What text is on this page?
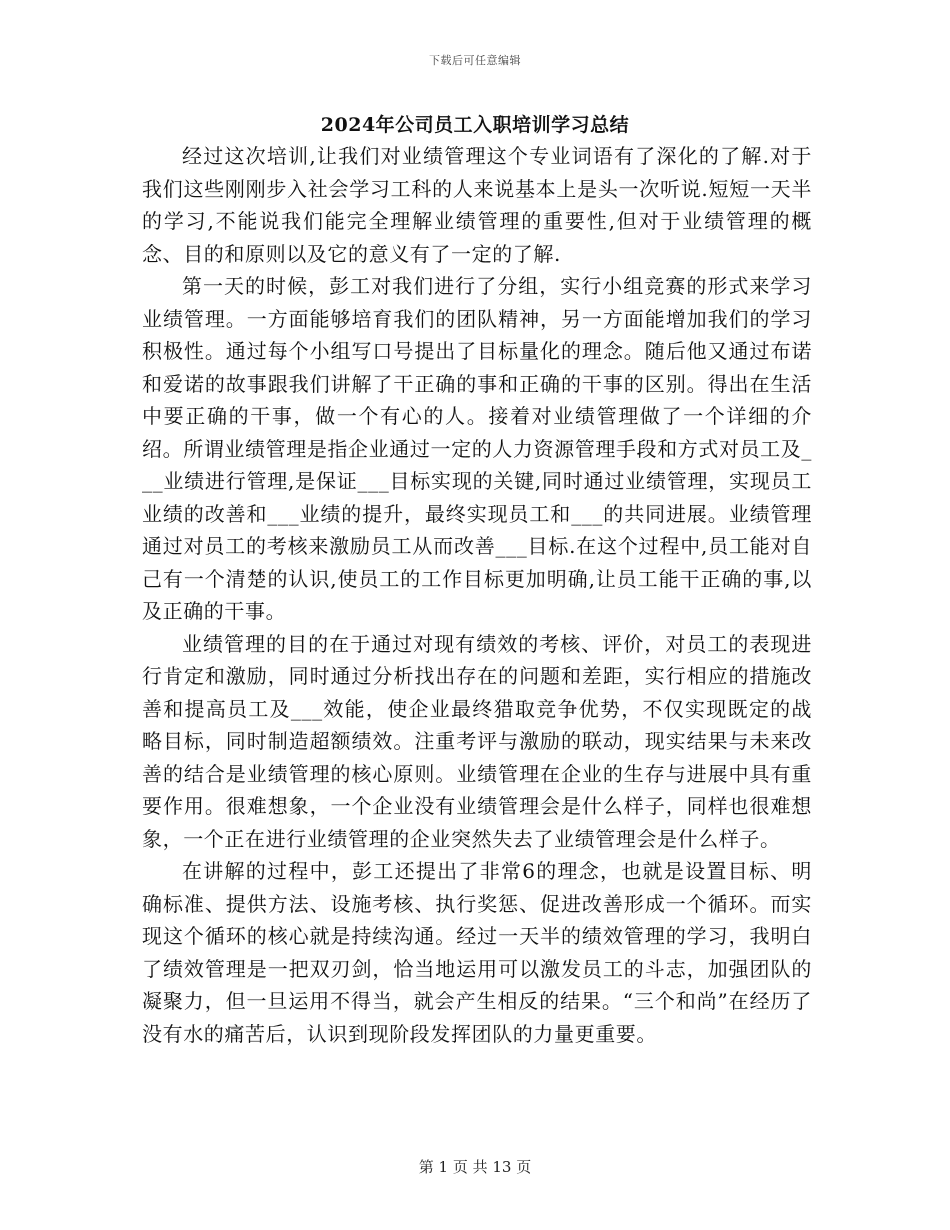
下载后可任意编辑
2024年公司员工入职培训学习总结

经过这次培训,让我们对业绩管理这个专业词语有了深化的了解.对于我们这些刚刚步入社会学习工科的人来说基本上是头一次听说.短短一天半的学习,不能说我们能完全理解业绩管理的重要性,但对于业绩管理的概念、目的和原则以及它的意义有了一定的了解.

第一天的时候，彭工对我们进行了分组，实行小组竞赛的形式来学习业绩管理。一方面能够培育我们的团队精神，另一方面能增加我们的学习积极性。通过每个小组写口号提出了目标量化的理念。随后他又通过布诺和爱诺的故事跟我们讲解了干正确的事和正确的干事的区别。得出在生活中要正确的干事，做一个有心的人。接着对业绩管理做了一个详细的介绍。所谓业绩管理是指企业通过一定的人力资源管理手段和方式对员工及___业绩进行管理,是保证___目标实现的关键,同时通过业绩管理，实现员工业绩的改善和___业绩的提升，最终实现员工和___的共同进展。业绩管理通过对员工的考核来激励员工从而改善___目标.在这个过程中,员工能对自己有一个清楚的认识,使员工的工作目标更加明确,让员工能干正确的事,以及正确的干事。

业绩管理的目的在于通过对现有绩效的考核、评价，对员工的表现进行肯定和激励，同时通过分析找出存在的问题和差距，实行相应的措施改善和提高员工及___效能，使企业最终猎取竞争优势，不仅实现既定的战略目标，同时制造超额绩效。注重考评与激励的联动，现实结果与未来改善的结合是业绩管理的核心原则。业绩管理在企业的生存与进展中具有重要作用。很难想象，一个企业没有业绩管理会是什么样子，同样也很难想象，一个正在进行业绩管理的企业突然失去了业绩管理会是什么样子。

在讲解的过程中，彭工还提出了非常6的理念，也就是设置目标、明确标准、提供方法、设施考核、执行奖惩、促进改善形成一个循环。而实现这个循环的核心就是持续沟通。经过一天半的绩效管理的学习，我明白了绩效管理是一把双刃剑，恰当地运用可以激发员工的斗志，加强团队的凝聚力，但一旦运用不得当，就会产生相反的结果。“三个和尚”在经历了没有水的痛苦后，认识到现阶段发挥团队的力量更重要。

第 1 页 共 13 页
